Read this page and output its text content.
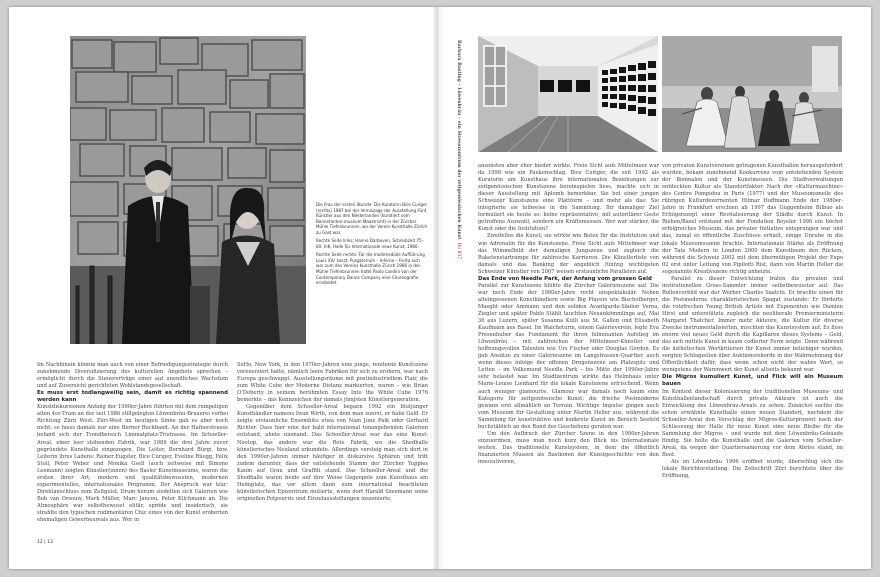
Die Frau der ersten Stunde: Die Kuratorin Bice Curiger (rechts) 1987 bei der Vernissage der Ausstellung Fünf Künstler aus den Niederlanden (kuratiert vom Bonnefanten-museum Maastricht) in der Zürcher Mühle Tiefenbrunnen, wo der Verein Kunsthalle Zürich zu Gast war.

Rechte Seite links: Hanne Darboven, Schreibzeit 75–80. InK, Halle für Internationale neue Kunst, 1980.

Rechte Seite rechts: Für die multimediale Aufführung Louis XIV. tanzt, Purgatorium – Inferno – Ferita sich war zum des Vereins Kunsthalle Zürich 1986 in der Mühle Tiefenbrunnen hatte Paolo Landini von der Contemporary Dance Company eine Choreografie erarbeitet.

Im Nachhinein könnte man auch von einer Befriedigungsstrategie durch zunehmende Diversifizierung des kulturellen Angebots sprechen – ermöglicht durch die Steuererträge einer auf unendliches Wachstum und auf Zuversicht gerichteten Wohlstandsgesellschaft.

Es muss erst todlangweilig sein, damit es richtig spannend werden kann

Kunstdiskursionen Anfang der 1990er-Jahre führten mit dem rumpeligen alten 4er-Tram an der seit 1986 stillgelegten Löwenbräu-Brauerei vorbei Richtung Zürii West. Züri-West im heutigen Sinne gab es aber noch nicht; so hiess damals nur eine Berner Rockband. An der Hafnerstrasse befand sich der Trendbereich Limmatplatz-Tristrasse. Im Schoeller-Areal, einer leer stehenden Fabrik, war 1989 die drei Jahre zuvor gegründete Kunsthalle eingezogen. Die Leiter, Bernhard Bürgi, bzw. Leiterin ihres Ladens: Rainer Eugster, Bice Curiger, Eveline Rüegg, Felix Stoll, Peter Weber und Monika Gsell (auch zeitweise mit Simone Leemann) zeigten Künstler(innen) des Basler Kunstmuseums, waren die ersten ihrer Art, modern und qualitätsbewussten, modernen experimentelles, internationales Programm. Der Anspruch war klar: Direktanschluss zum Zeitgeist. Drum herum siedelten sich Galerien wie Bob van Orsouw, Mark Müller, Marc Jancou, Peter Kilchmann an. Die Atmosphäre war selbstbewusst elitär, spröde und insiderisch, sie strahlte den typischen rudimentären Chic eines von der Kunst eroberten ehemaligen Gewerbeareals aus. Wer in

SoHo, New York, in den 1970er-Jahren eine junge, renitente Kunstszene vorexerziert hatte, nämlich leere Fabriken für sich zu erobern, war nach Europa geschwappt. Ausstellungsräume mit postindustriellem Flair, die zum White Cube der Moderne Distanz markierten, waren – wie Brian O’Doherty in seinem berühmten Essay Into the White Cube 1976 bemerkte – das Kennzeichen der damals jüngsten Künstlergeneration.

Gegenüber dem Schoeller-Areal begann 1992 ein blutjunger Kunsthändler namens Iwan Wirth, von dem man zuerst, er habe Geld. Er zeigte erstaunliche Ensembles etwa von Nam June Paik oder Gerhard Richter. Dass hier eine der bald international tonangebenden Galerien entstand, ahnte niemand. Das Schoeller-Areal war das eine Kunst-Neotop, das andere war die Rote Fabrik, wo die Shedhalle künstlerisches Neuland erkundete. Allerdings versteig man sich dort in den 1990er-Jahren immer häufiger in diskursive Sphären und tritt zudem darunter, dass der entstehende Stamm der Zürcher Yuppies Kaum auf Grau und Graffiti stand. Das Schoeller-Areal und die Shedhalle waren beide auf ihre Weise Gegenpole zum Kunsthaus am Heimplatz, das vor allem dann zum international beachteten künstlerischen Epizentrum mutierte, wenn dort Harald Szeemann seine originellen Potpourris und Einzelausstellungen inszenierte,

12 | 13
Barbara Basting – Löwenbräu – ein Stresszentrum der zeitgenössischen Kunst  Du 837

ansonsten aber eher bieder wirkte. Freie Sicht aufs Mittelmeer war da 1998 wie ein Paukenschlag. Bice Curiger, die seit 1992 als Kuratorin am Kunsthaus ihre internationalen Beziehungen zur zeitgenössischen Kunstszene bereinspielen liess, machte sich in dieser Ausstellung mit Aplomb bemerkbar. Sie bot einer jungen Schweizer Kunstszene eine Plattform – und mehr als das: Sie integrierte sie teilweise in die Sammlung. Ihr damaliger Ziel formuliert sie heute so: keine repräsentative, mit autoritärer Geste getroffene Auswahl, sondern ein Kräftemessen. Wer war stärker, die Kunst oder die Institution?

Zweifellos die Kunst; sie wirkte wie Botox für die Institution und wie Adrenalin für die Kunstszene. Freie Sicht aufs Mittelmeer war das Wimmelbild der damaligen Jungszene und zugleich die Raketenstartrampe für zahlreiche Karrieren. Die Künstlerliste von damals und das Ranking der angeblich fünfzig wichtigsten Schweizer Künstler von 2007 weisen erstaunliche Parallelen auf.

Das Ende von Needle Park, der Anfang vom grossen Geld

Parallel zur Kunstszene blühte die Zürcher Galerienszene auf. Die war noch Ende der 1980er-Jahre recht unspektakulär. Neben alteingessenen Kunsthändlern sowie Big Players wie Bischofberger, Maeght oder Ammann und den soliden Avantgarde-Säulen Verna, Ziegler und später Pablo Stähli tauchten Neuankömmlinge auf, Mai 36 aus Luzern, später Susanna Kulli aus St. Gallen und Elisabeth Kaufmann aus Basel. Im Walcheturm, einem Galerieverein, legte Eva Presenhuber das Fundament für ihren fulminanten Aufstieg im Löwenbräu – mit zahlreichen der Mittelmeer-Künstler und hoffnungsvollen Talenten wie Urs Fischer oder Douglas Gordon. Es gab Ansätze zu einer Galerieszene im Langstrassen-Quartier, auch wenn dieses infolge der offenen Drogenszene am Platzspitz und Letten – im Volksmund Needle Park – bis Mitte der 1990er-Jahre sehr belastet war. Im Stadtzentrum wirkte das Helmhaus unter Marie-Louise Lienhard für die lokale Kunstszene erfrischend. Wenn auch weniger glamourös. Glamour war damals noch kaum eine Kategorie für zeitgenössische Kunst; die frische Postmoderne gewann erst allmählich an Terrain. Wichtige Impulse gingen auch vom Museum für Gestaltung unter Martin Heller aus, während die Sammlung für konstruktive und konkrete Kunst im Bereich Seefeld buchstäblich an den Rand des Geschehens geraten war.

Um den Aufbruch der Zürcher Szene in den 1990er-Jahren einzuordnen, muss man noch kurz den Blick ins Internationale weiten. Das traditionelle Kunstsystem, in dem die öffentlich finanzierten Museen als Bastionen der Kunstgeschichte von den innovativeren,

von privaten Kunstvereinen getragenen Kunsthallen herausgefordert wurden, bekam zunehmend Konkurrenz vom entstehenden System der Biennalen und der Kunstmessen. Die Stadtverwaltungen entdeckten Kultur als Standortfaktor. Nach der «Kulturmaschine» des Centre Pompidou in Paris (1977) und der Museumsmeile des rührigen Kulturdezernenten Hilmar Hoffmann Ende der 1980er-Jahre in Frankfurt erschien ab 1997 das Guggenheim Bilbao als Erfolgsrezept einer Revitalisierung der Städte durch Kunst. In Riehen/Basel entstand mit der Fondation Beyeler 1998 ein höchst erfolgreiches Museum, das privater Initiative entsprungen war und das, zumal es öffentliche Zuschüsse erhielt, einige Unruhe in die lokale Museumsszene brachte. Internationale Stärke als Eröffnung der Tate Modern in London 2000 dem Kunstboom den Rücken, während die Schweiz 2002 mit dem übermütigen Projekt der Expo 02 erst unter Leitung von Pipilotti Rist, dann von Martin Heller die sogenannte Kreativszene richtig anheizte.

Parallel zu dieser Entwicklung traten die privaten und institutionellen Gross-Sammler immer selbstbewusster auf. Das Rollenvorbild war der Werber Charles Saatchi. Er brachte einen für die Postmoderne charakteristischen Spagat zustande: Er förderte die rotzfrechen Young British Artists mit Exponenten wie Damien Hirst und unterstützte zugleich die neoliberale Premierministerin Margaret Thatcher. Immer mehr Akteure, die Kultur für diverse Zwecke instrumentalisierten, mischten das Kunstsystem auf. Es floss enorm viel neues Geld durch die Kapillaren dieses Systems – Geld, das sich mittels Kunst in kaum codierter Form zeigte. Denn während die ästhetischen Wertkriterien für Kunst immer beliebiger wurden, sorgten Schlagzeilen über Auktionsrekorde in der Wahrnehmung der Öffentlichkeit dafür, dass wenn schon nicht der wahre Wert, so wenigstens der Warenwert der Kunst allseits bekannt war.

Die Migros kumuliert Kunst, und Flick will ein Museum bauen

Im Kontext dieser Kolonisierung der traditionellen Museums- und Kunsthallenlandschaft durch private Akteure ist auch die Entwicklung des Löwenbräu-Areals zu sehen. Zunächst suchte die schon erwähnte Kunsthalle einen neuen Standort, nachdem die Schoeller-Areal den Vorschlag der Migros-Kulturprozent nach der Schliessung der Halle für neue Kunst eine neue Bleibe für die Sammlung der Migros – und wurde mit dem Löwenbräu-Gebäude fündig. Sie holte die Kunsthalle und die Galerien vom Schoeller-Areal, da wegen der Quartiersanierung vor dem Abriss stand, im Boot.

Als im Löwenbräu 1996 eröffnet wurde, überschlug sich die lokale Berichterstattung. Die Zeitschrift Züri berichtete über die Eröffnung,
